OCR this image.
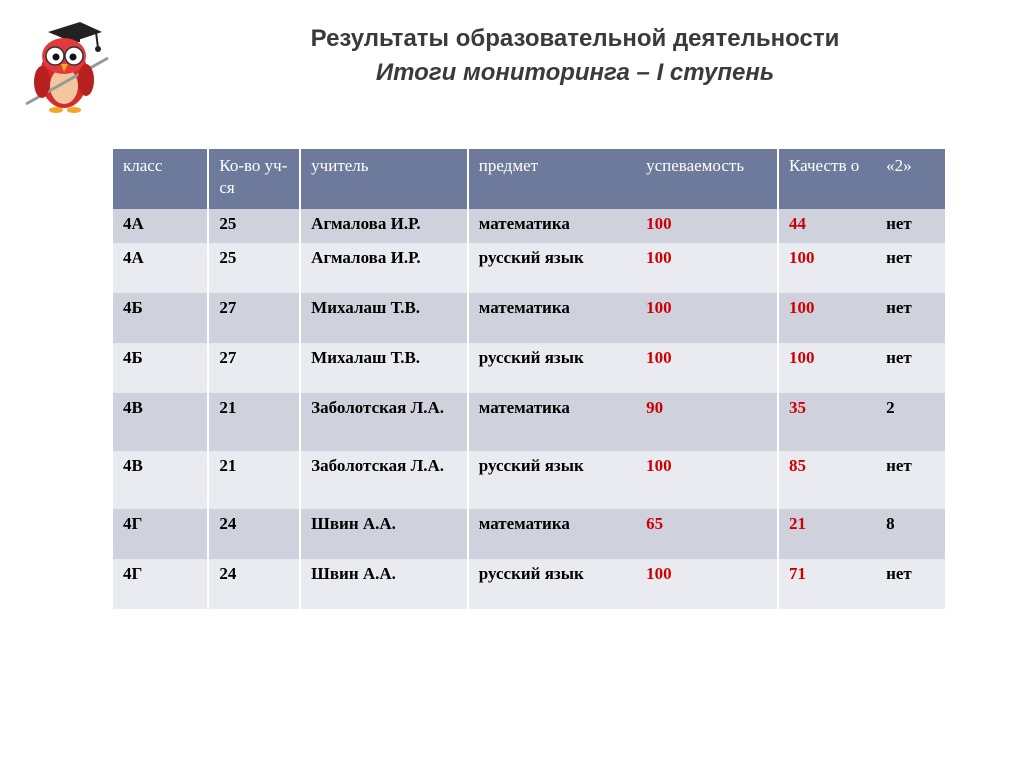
Результаты образовательной деятельности
Итоги мониторинга – I ступень
класс	Ко-во уч-ся	учитель	предмет	успеваемость	Качеств о	«2»
4А	25	Агмалова И.Р.	математика	100	44	нет
4А	25	Агмалова И.Р.	русский язык	100	100	нет
4Б	27	Михалаш Т.В.	математика	100	100	нет
4Б	27	Михалаш Т.В.	русский язык	100	100	нет
4В	21	Заболотская Л.А.	математика	90	35	2
4В	21	Заболотская Л.А.	русский язык	100	85	нет
4Г	24	Швин А.А.	математика	65	21	8
4Г	24	Швин А.А.	русский язык	100	71	нет
